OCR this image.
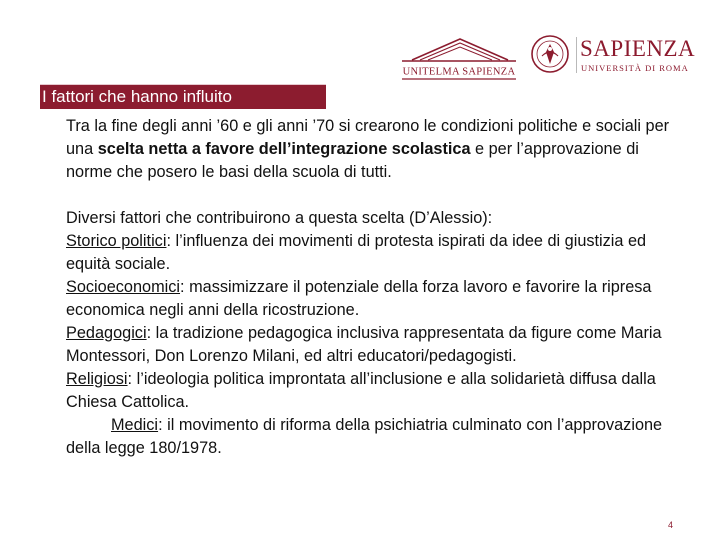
UNITELMA SAPIENZA
SAPIENZA
UNIVERSITÀ DI ROMA
I fattori che hanno influito

Tra la fine degli anni ’60 e gli anni ’70 si crearono le condizioni politiche e sociali per una scelta netta a favore dell’integrazione scolastica e per l’approvazione di norme che posero le basi della scuola di tutti.

Diversi fattori che contribuirono a questa scelta (D’Alessio):

Storico politici: l’influenza dei movimenti di protesta ispirati da idee di giustizia ed equità sociale.

Socioeconomici: massimizzare il potenziale della forza lavoro e favorire la ripresa economica negli anni della ricostruzione.

Pedagogici: la tradizione pedagogica inclusiva rappresentata da figure come Maria Montessori, Don Lorenzo Milani, ed altri educatori/pedagogisti.

Religiosi: l’ideologia politica improntata all’inclusione e alla solidarietà diffusa dalla Chiesa Cattolica.

Medici: il movimento di riforma della psichiatria culminato con l’approvazione della legge 180/1978.

4
